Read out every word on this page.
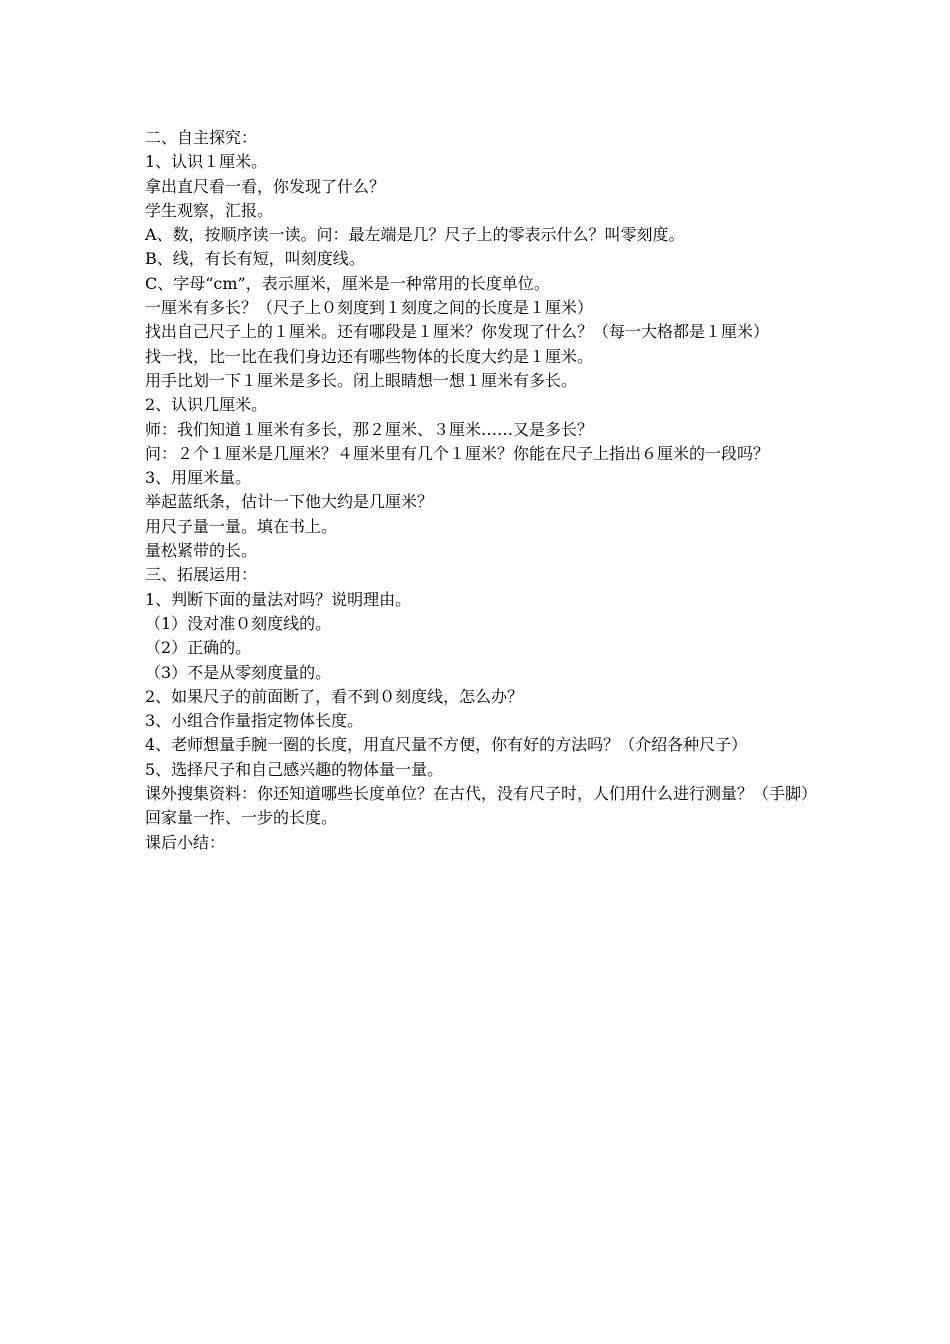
二、自主探究：

1、认识１厘米。

拿出直尺看一看，你发现了什么？

学生观察，汇报。

A、数，按顺序读一读。问：最左端是几？尺子上的零表示什么？叫零刻度。

B、线，有长有短，叫刻度线。

C、字母“cm”，表示厘米，厘米是一种常用的长度单位。

一厘米有多长？（尺子上０刻度到１刻度之间的长度是１厘米）

找出自己尺子上的１厘米。还有哪段是１厘米？你发现了什么？（每一大格都是１厘米）

找一找，比一比在我们身边还有哪些物体的长度大约是１厘米。

用手比划一下１厘米是多长。闭上眼睛想一想１厘米有多长。

2、认识几厘米。

师：我们知道１厘米有多长，那２厘米、３厘米……又是多长？

问：２个１厘米是几厘米？４厘米里有几个１厘米？你能在尺子上指出６厘米的一段吗？

3、用厘米量。

举起蓝纸条，估计一下他大约是几厘米？

用尺子量一量。填在书上。

量松紧带的长。

三、拓展运用：

1、判断下面的量法对吗？说明理由。

（1）没对准０刻度线的。

（2）正确的。

（3）不是从零刻度量的。

2、如果尺子的前面断了，看不到０刻度线，怎么办？

3、小组合作量指定物体长度。

4、老师想量手腕一圈的长度，用直尺量不方便，你有好的方法吗？（介绍各种尺子）

5、选择尺子和自己感兴趣的物体量一量。

课外搜集资料：你还知道哪些长度单位？在古代，没有尺子时，人们用什么进行测量？（手脚）回家量一拃、一步的长度。

课后小结：
